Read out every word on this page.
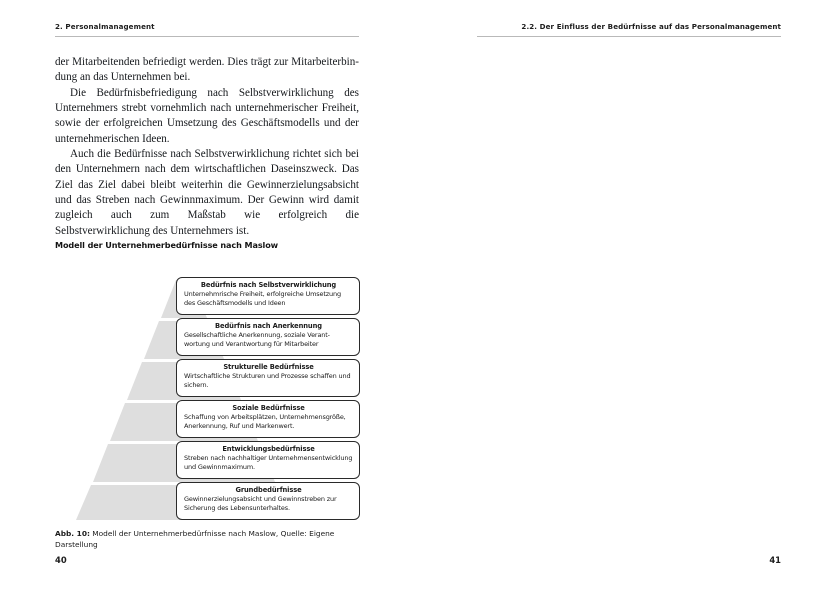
2. Personalmanagement

der Mitarbeitenden befriedigt werden. Dies trägt zur Mitarbeiterbindung an das Unternehmen bei.

Die Bedürfnisbefriedigung nach Selbstverwirklichung des Unternehmers strebt vornehmlich nach unternehmerischer Freiheit, sowie der erfolgreichen Umsetzung des Geschäftsmodells und der unternehmerischen Ideen.

Auch die Bedürfnisse nach Selbstverwirklichung richtet sich bei den Unternehmern nach dem wirtschaftlichen Daseinszweck. Das Ziel das Ziel dabei bleibt weiterhin die Gewinnerzielungsabsicht und das Streben nach Gewinnmaximum. Der Gewinn wird damit zugleich auch zum Maßstab wie erfolgreich die Selbstverwirklichung des Unternehmers ist.

Modell der Unternehmerbedürfnisse nach Maslow
Bedürfnis nach Selbstverwirklichung
Unternehmrische Freiheit, erfolgreiche Umsetzung des Geschäftsmodells und Ideen
Bedürfnis nach Anerkennung
Gesellschaftliche Anerkennung, soziale Verantwortung und Verantwortung für Mitarbeiter
Strukturelle Bedürfnisse
Wirtschaftliche Strukturen und Prozesse schaffen und sichern.
Soziale Bedürfnisse
Schaffung von Arbeitsplätzen, Unternehmensgröße, Anerkennung, Ruf und Markenwert.
Entwicklungsbedürfnisse
Streben nach nachhaltiger Unternehmensentwicklung und Gewinnmaximum.
Grundbedürfnisse
Gewinnerzielungsabsicht und Gewinnstreben zur Sicherung des Lebensunterhaltes.
Abb. 10: Modell der Unternehmerbedürfnisse nach Maslow, Quelle: Eigene Darstellung
40
2.2. Der Einfluss der Bedürfnisse auf das Personalmanagement

41
